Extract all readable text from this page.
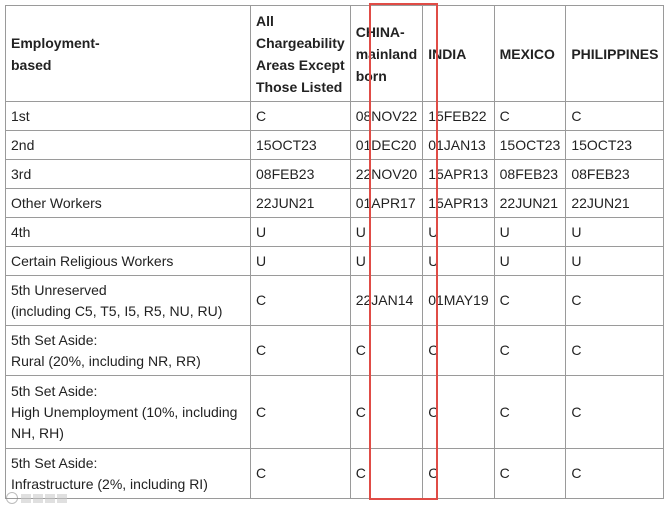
Employment-
based	All
Chargeability
Areas Except
Those Listed	CHINA-
mainland
born	INDIA	MEXICO	PHILIPPINES
1st	C	08NOV22	15FEB22	C	C
2nd	15OCT23	01DEC20	01JAN13	15OCT23	15OCT23
3rd	08FEB23	22NOV20	15APR13	08FEB23	08FEB23
Other Workers	22JUN21	01APR17	15APR13	22JUN21	22JUN21
4th	U	U	U	U	U
Certain Religious Workers	U	U	U	U	U
5th Unreserved
(including C5, T5, I5, R5, NU, RU)	C	22JAN14	01MAY19	C	C
5th Set Aside:
Rural (20%, including NR, RR)	C	C	C	C	C
5th Set Aside:
High Unemployment (10%, including
NH, RH)	C	C	C	C	C
5th Set Aside:
Infrastructure (2%, including RI)	C	C	C	C	C
